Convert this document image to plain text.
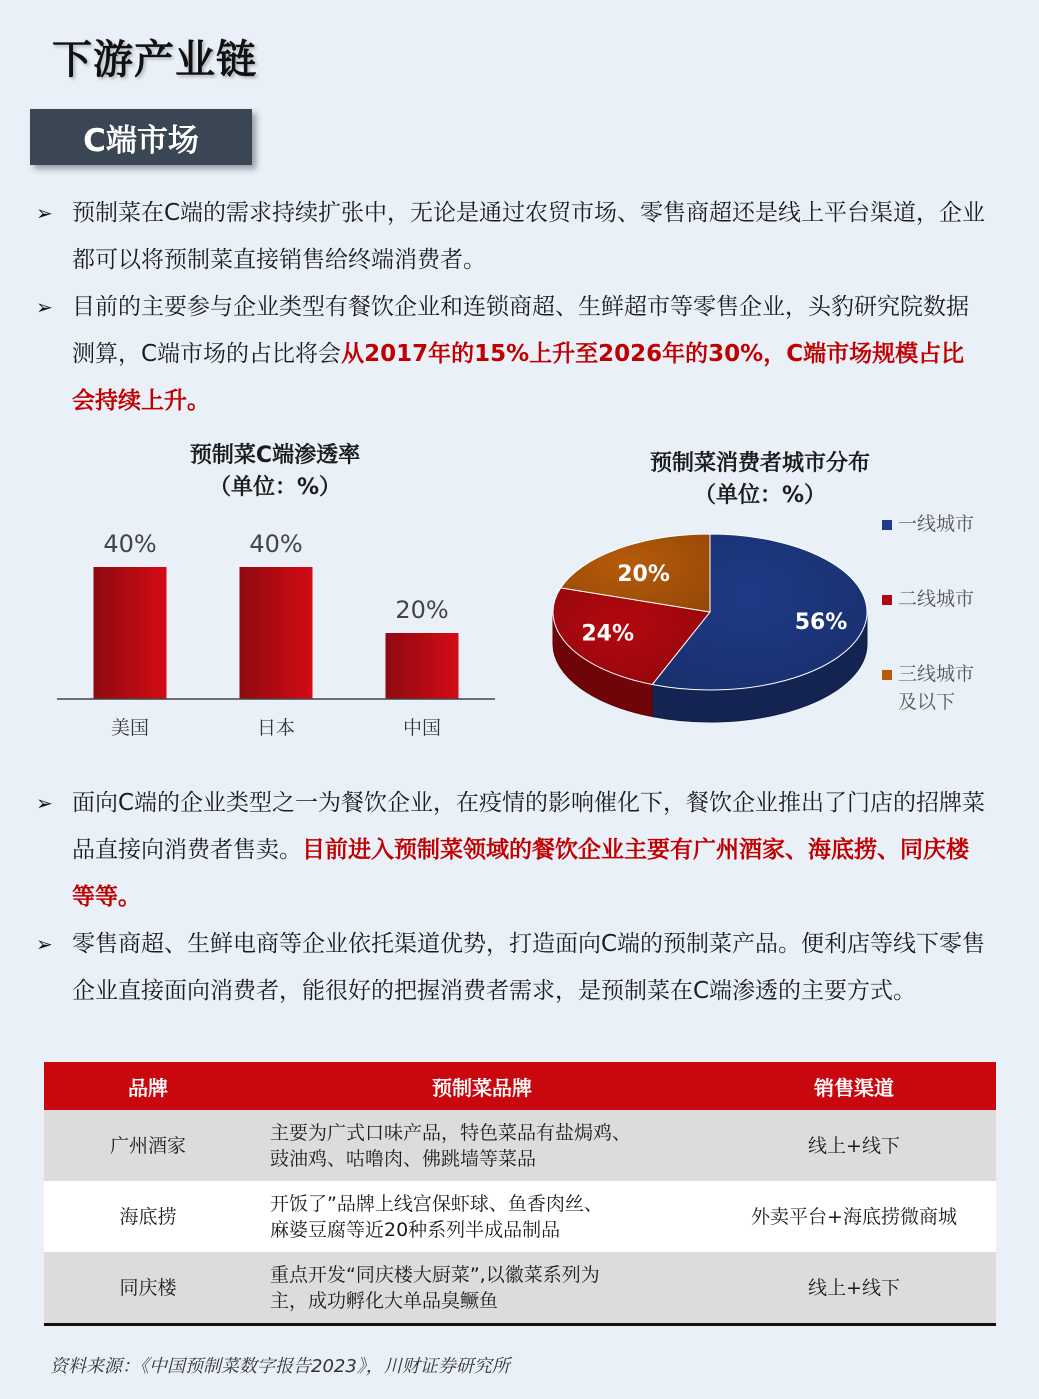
下游产业链
C端市场
➢ 预制菜在C端的需求持续扩张中，无论是通过农贸市场、零售商超还是线上平台渠道，企业都可以将预制菜直接销售给终端消费者。
➢ 目前的主要参与企业类型有餐饮企业和连锁商超、生鲜超市等零售企业，头豹研究院数据测算，C端市场的占比将会从2017年的15%上升至2026年的30%，C端市场规模占比会持续上升。
预制菜C端渗透率
（单位：%）
40%
美国
40%
日本
20%
中国
预制菜消费者城市分布
（单位：%）
56%
24%
20%
一线城市
二线城市
三线城市
及以下
➢ 面向C端的企业类型之一为餐饮企业，在疫情的影响催化下，餐饮企业推出了门店的招牌菜品直接向消费者售卖。目前进入预制菜领域的餐饮企业主要有广州酒家、海底捞、同庆楼等等。
➢ 零售商超、生鲜电商等企业依托渠道优势，打造面向C端的预制菜产品。便利店等线下零售企业直接面向消费者，能很好的把握消费者需求，是预制菜在C端渗透的主要方式。
品牌	预制菜品牌	销售渠道
广州酒家
主要为广式口味产品，特色菜品有盐焗鸡、
豉油鸡、咕噜肉、佛跳墙等菜品
线上+线下
海底捞
开饭了”品牌上线宫保虾球、鱼香肉丝、
麻婆豆腐等近20种系列半成品制品
外卖平台+海底捞微商城
同庆楼
重点开发“同庆楼大厨菜”,以徽菜系列为
主，成功孵化大单品臭鳜鱼
线上+线下
资料来源：《中国预制菜数字报告2023》，川财证券研究所
